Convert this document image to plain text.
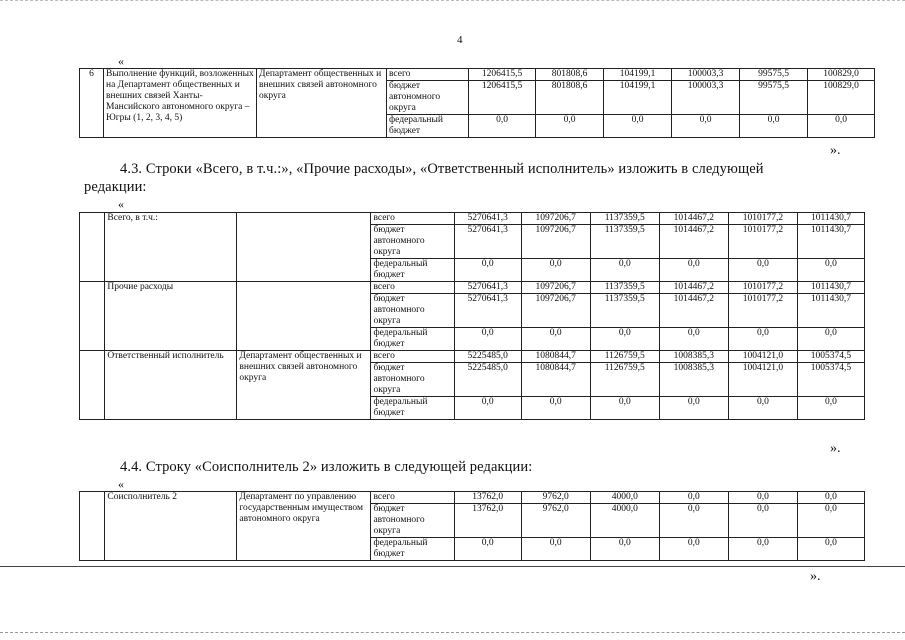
4
«
6	Выполнение функций, возложенных на Департамент общественных и внешних связей Ханты-Мансийского автономного округа – Югры (1, 2, 3, 4, 5)	Департамент общественных и внешних связей автономного округа	всего	1206415,5	801808,6	104199,1	100003,3	99575,5	100829,0
			бюджет автономного округа	1206415,5	801808,6	104199,1	100003,3	99575,5	100829,0
			федеральный бюджет	0,0	0,0	0,0	0,0	0,0	0,0
».
4.3. Строки «Всего, в т.ч.:», «Прочие расходы», «Ответственный исполнитель» изложить в следующей
редакции:
«
	Всего, в т.ч.:		всего	5270641,3	1097206,7	1137359,5	1014467,2	1010177,2	1011430,7
			бюджет автономного округа	5270641,3	1097206,7	1137359,5	1014467,2	1010177,2	1011430,7
			федеральный бюджет	0,0	0,0	0,0	0,0	0,0	0,0
	Прочие расходы		всего	5270641,3	1097206,7	1137359,5	1014467,2	1010177,2	1011430,7
			бюджет автономного округа	5270641,3	1097206,7	1137359,5	1014467,2	1010177,2	1011430,7
			федеральный бюджет	0,0	0,0	0,0	0,0	0,0	0,0
	Ответственный исполнитель	Департамент общественных и внешних связей автономного округа	всего	5225485,0	1080844,7	1126759,5	1008385,3	1004121,0	1005374,5
			бюджет автономного округа	5225485,0	1080844,7	1126759,5	1008385,3	1004121,0	1005374,5
			федеральный бюджет	0,0	0,0	0,0	0,0	0,0	0,0
».
4.4. Строку «Соисполнитель 2» изложить в следующей редакции:
«
	Соисполнитель 2	Департамент по управлению государственным имуществом автономного округа	всего	13762,0	9762,0	4000,0	0,0	0,0	0,0
			бюджет автономного округа	13762,0	9762,0	4000,0	0,0	0,0	0,0
			федеральный бюджет	0,0	0,0	0,0	0,0	0,0	0,0
».
